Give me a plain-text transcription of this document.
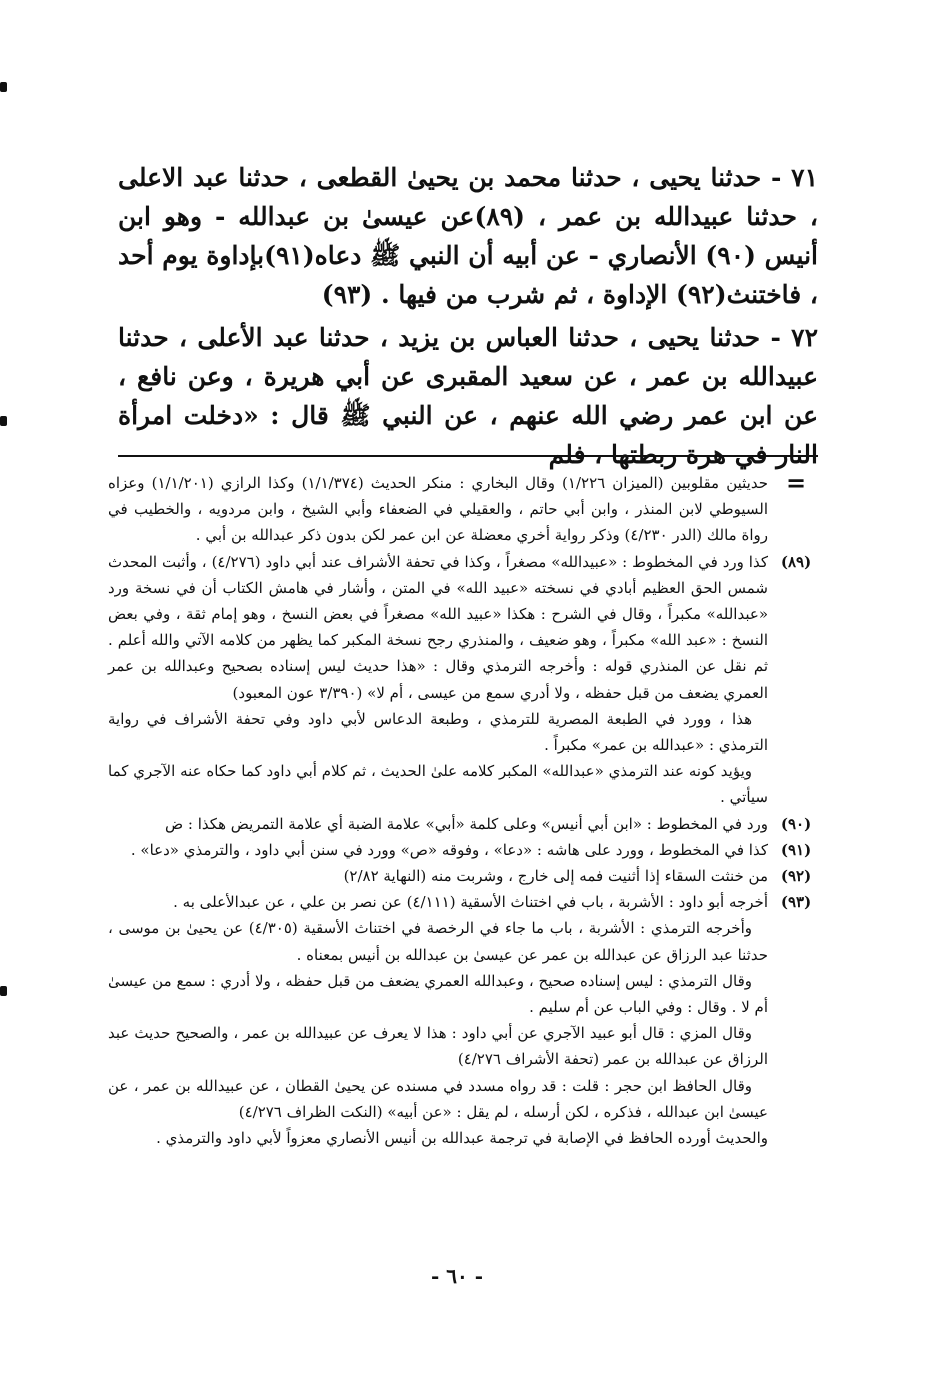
٧١ - حدثنا يحيى ، حدثنا محمد بن يحيىٰ القطعى ، حدثنا عبد الاعلى ، حدثنا عبيدالله بن عمر ، (٨٩)عن عيسىٰ بن عبدالله - وهو ابن أنيس (٩٠) الأنصاري - عن أبيه أن النبي ﷺ دعاه(٩١)بإداوة يوم أحد ، فاختنث(٩٢) الإداوة ، ثم شرب من فيها . (٩٣)

٧٢ - حدثنا يحيى ، حدثنا العباس بن يزيد ، حدثنا عبد الأعلى ، حدثنا عبيدالله بن عمر ، عن سعيد المقبرى عن أبي هريرة ، وعن نافع ، عن ابن عمر رضي الله عنهم ، عن النبي ﷺ قال : «دخلت امرأة النار في هرة ربطتها ، فلم

=

حديثين مقلوبين (الميزان ١/٢٢٦) وقال البخاري : منكر الحديث (١/١/٣٧٤) وكذا الرازي (١/١/٢٠١) وعزاه السيوطي لابن المنذر ، وابن أبي حاتم ، والعقيلي في الضعفاء وأبي الشيخ ، وابن مردويه ، والخطيب في رواة مالك (الدر ٤/٢٣٠) وذكر رواية أخري معضلة عن ابن عمر لكن بدون ذكر عبدالله بن أبي .

(٨٩)

كذا ورد في المخطوط : «عبيدالله» مصغراً ، وكذا في تحفة الأشراف عند أبي داود (٤/٢٧٦) ، وأثبت المحدث شمس الحق العظيم أبادي في نسخته «عبيد الله» في المتن ، وأشار في هامش الكتاب أن في نسخة ورد «عبدالله» مكبراً ، وقال في الشرح : هكذا «عبيد الله» مصغراً في بعض النسخ ، وهو إمام ثقة ، وفي بعض النسخ : «عبد الله» مكبراً ، وهو ضعيف ، والمنذري رجح نسخة المكبر كما يظهر من كلامه الآتي والله أعلم . ثم نقل عن المنذري قوله : وأخرجه الترمذي وقال : «هذا حديث ليس إسناده بصحيح وعبدالله بن عمر العمري يضعف من قبل حفظه ، ولا أدري سمع من عيسى ، أم لا» (٣/٣٩٠ عون المعبود)

هذا ، وورد في الطبعة المصرية للترمذي ، وطبعة الدعاس لأبي داود وفي تحفة الأشراف في رواية الترمذي : «عبدالله بن عمر» مكبراً .

ويؤيد كونه عند الترمذي «عبدالله» المكبر كلامه علىٰ الحديث ، ثم كلام أبي داود كما حكاه عنه الآجري كما سيأتي .

(٩٠)

ورد في المخطوط : «ابن أبي أنيس» وعلى كلمة «أبي» علامة الضبة أي علامة التمريض هكذا : ض

(٩١)

كذا في المخطوط ، وورد على هاشه : «دعا» ، وفوقه «ص» وورد في سنن أبي داود ، والترمذي «دعا» .

(٩٢)

من خنثت السقاء إذا أثنيت فمه إلى خارج ، وشربت منه (النهاية ٢/٨٢)

(٩٣)

أخرجه أبو داود : الأشربة ، باب في اختناث الأسقية (٤/١١١) عن نصر بن علي ، عن عبدالأعلى به .

وأخرجه الترمذي : الأشربة ، باب ما جاء في الرخصة في اختناث الأسقية (٤/٣٠٥) عن يحيىٰ بن موسى ، حدثنا عبد الرزاق عن عبدالله بن عمر عن عيسىٰ بن عبدالله بن أنيس بمعناه .

وقال الترمذي : ليس إسناده صحيح ، وعبدالله العمري يضعف من قبل حفظه ، ولا أدري : سمع من عيسىٰ أم لا . وقال : وفي الباب عن أم سليم .

وقال المزي : قال أبو عبيد الآجري عن أبي داود : هذا لا يعرف عن عبيدالله بن عمر ، والصحيح حديث عبد الرزاق عن عبدالله بن عمر (تحفة الأشراف ٤/٢٧٦)

وقال الحافظ ابن حجر : قلت : قد رواه مسدد في مسنده عن يحيىٰ القطان ، عن عبيدالله بن عمر ، عن عيسىٰ ابن عبدالله ، فذكره ، لكن أرسله ، لم يقل : «عن أبيه» (النكت الظراف ٤/٢٧٦)

والحديث أورده الحافظ في الإصابة في ترجمة عبدالله بن أنيس الأنصاري معزواً لأبي داود والترمذي .

- ٦٠ -
